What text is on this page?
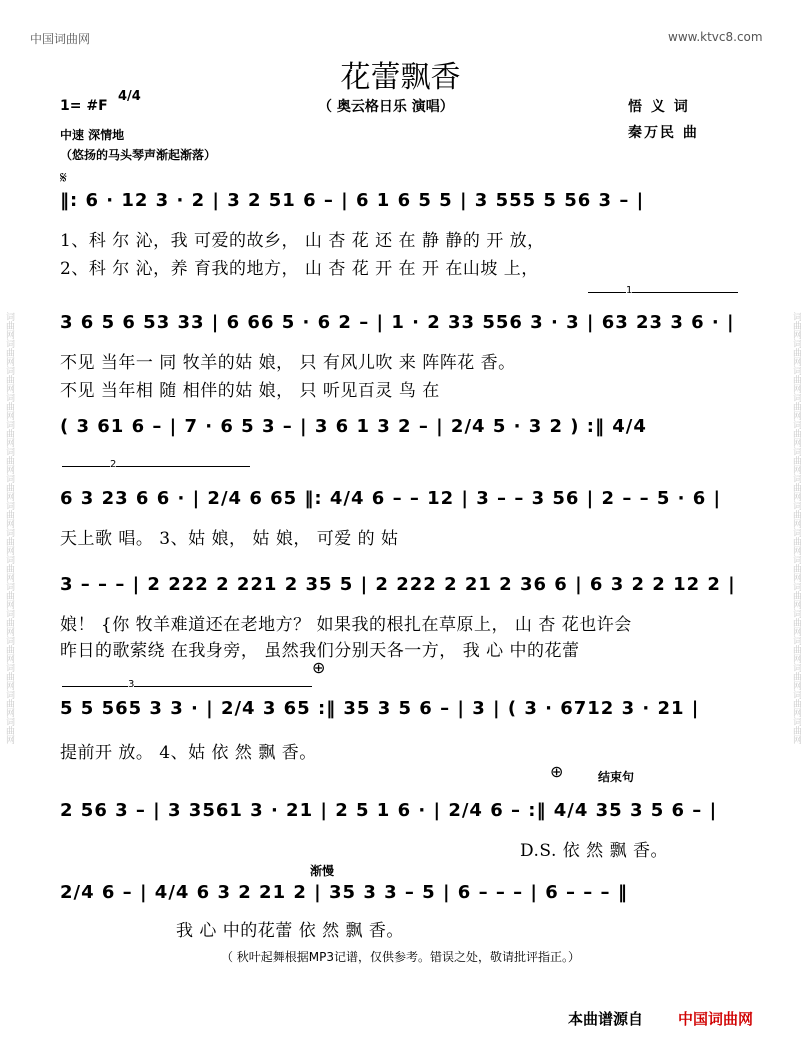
词曲网词曲网词曲网词曲网词曲网词曲网词曲网词曲网词曲网词曲网词曲网词曲网词曲网词曲网词曲网词曲网	词曲网词曲网词曲网词曲网词曲网词曲网词曲网词曲网词曲网词曲网词曲网词曲网词曲网词曲网词曲网词曲网
中国词曲网	www.ktvc8.com
花蕾飘香
1= #F
4/4
（ 奥云格日乐 演唱）	悟 义 词
秦万民 曲
中速 深情地
（悠扬的马头琴声渐起渐落）
𝄋
1
2
3
⊕
⊕	结束句
渐慢
‖: 6 · 12 3 · 2 | 3 2 51 6 – | 6 1 6 5 5 | 3 555 5 56 3 – |
1、科 尔 沁，我 可爱的故乡， 山 杏 花 还 在 静 静的 开 放，
2、科 尔 沁，养 育我的地方， 山 杏 花 开 在 开 在山坡 上，
3 6 5 6 53 33 | 6 66 5 · 6 2 – | 1 · 2 33 556 3 · 3 | 63 23 3 6 · |
不见 当年一 同 牧羊的姑 娘， 只 有风儿吹 来 阵阵花 香。
不见 当年相 随 相伴的姑 娘， 只 听见百灵 鸟 在
( 3 61 6 – | 7 · 6 5 3 – | 3 6 1 3 2 – | 2/4 5 · 3 2 ) :‖ 4/4
6 3 23 6 6 · | 2/4 6 65 ‖: 4/4 6 – – 12 | 3 – – 3 56 | 2 – – 5 · 6 |
天上歌 唱。 3、姑 娘， 姑 娘， 可爱 的 姑
3 – – – | 2 222 2 221 2 35 5 | 2 222 2 21 2 36 6 | 6 3 2 2 12 2 |
娘！ {你 牧羊难道还在老地方？ 如果我的根扎在草原上， 山 杏 花也许会
昨日的歌萦绕 在我身旁， 虽然我们分别天各一方， 我 心 中的花蕾
5 5 565 3 3 · | 2/4 3 65 :‖ 35 3 5 6 – | 3 | ( 3 · 6712 3 · 21 |
提前开 放。 4、姑 依 然 飘 香。
2 56 3 – | 3 3561 3 · 21 | 2 5 1 6 · | 2/4 6 – :‖ 4/4 35 3 5 6 – |
D.S. 依 然 飘 香。
2/4 6 – | 4/4 6 3 2 21 2 | 35 3 3 – 5 | 6 – – – | 6 – – – ‖
我 心 中的花蕾 依 然 飘 香。
（ 秋叶起舞根据MP3记谱，仅供参考。错误之处，敬请批评指正。）
本曲谱源自 中国词曲网
